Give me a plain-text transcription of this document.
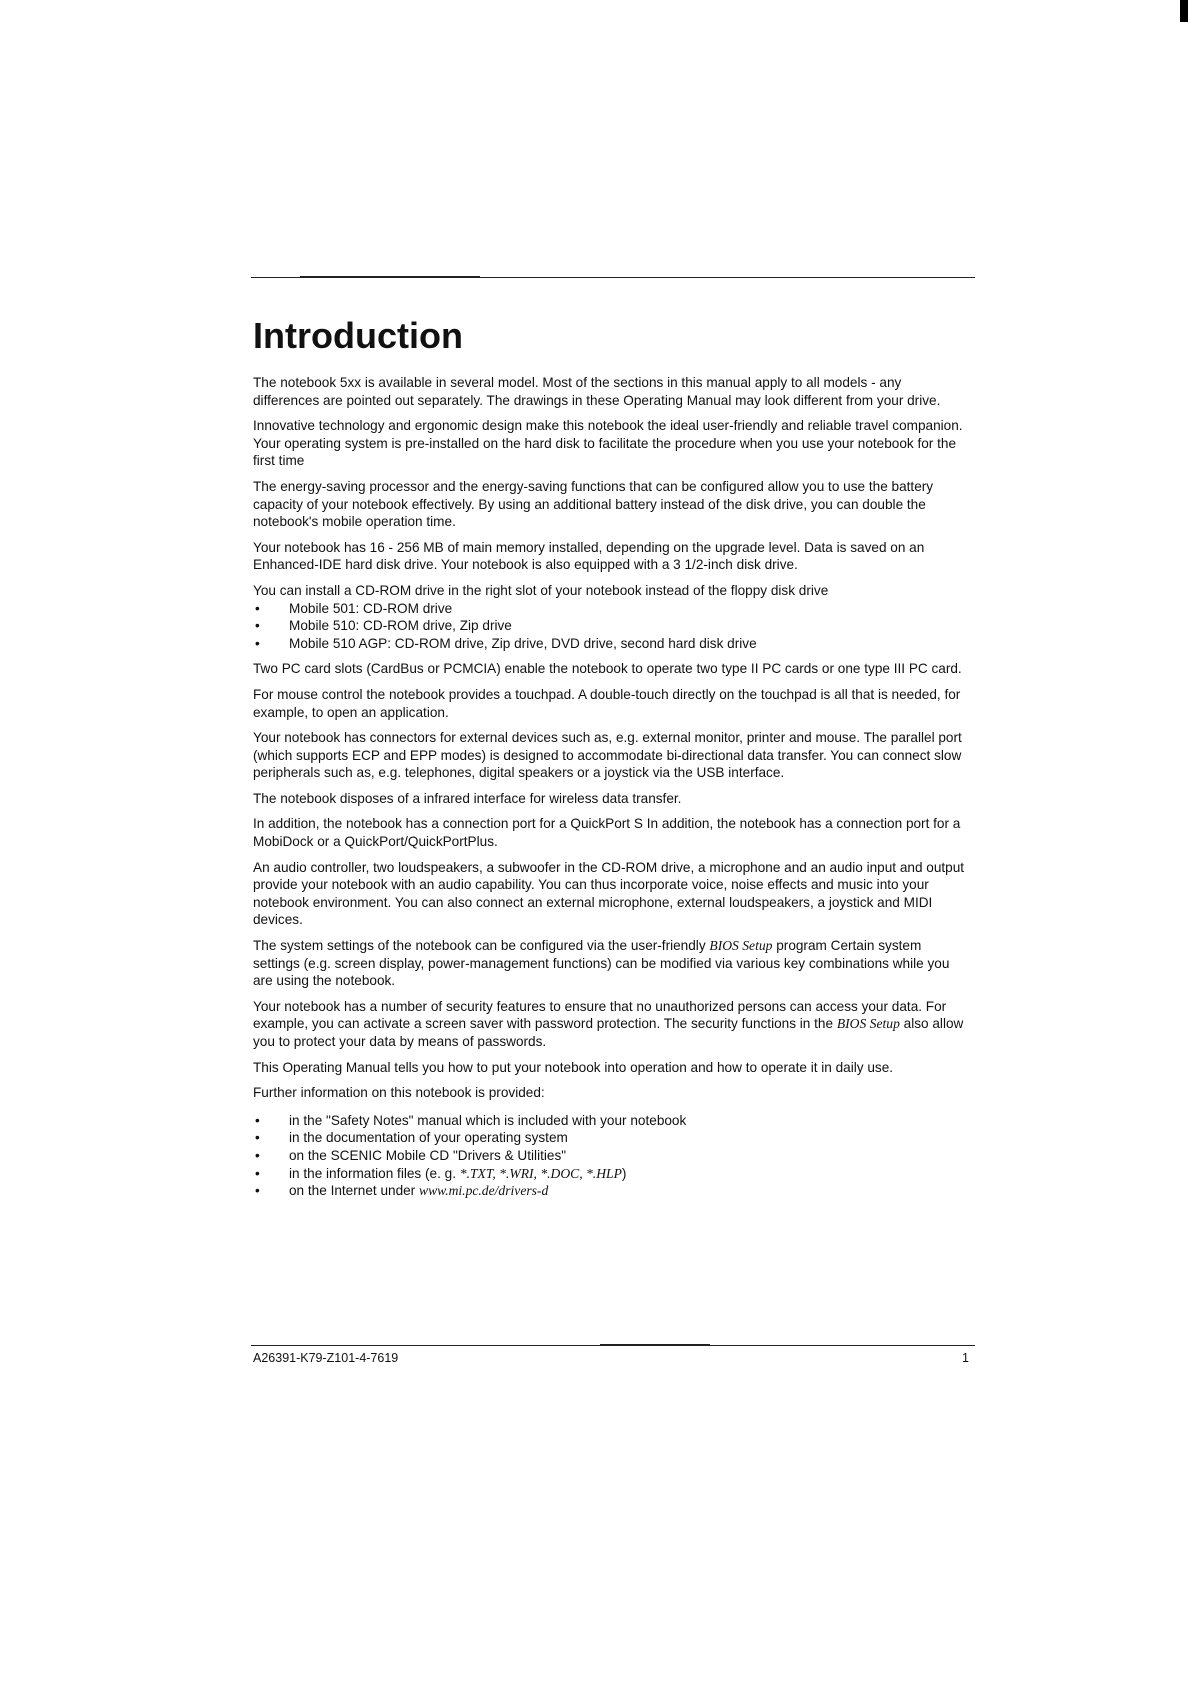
Introduction

The notebook 5xx is available in several model. Most of the sections in this manual apply to all models - any differences are pointed out separately. The drawings in these Operating Manual may look different from your drive.

Innovative technology and ergonomic design make this notebook the ideal user-friendly and reliable travel companion. Your operating system is pre-installed on the hard disk to facilitate the procedure when you use your notebook for the first time

The energy-saving processor and the energy-saving functions that can be configured allow you to use the battery capacity of your notebook effectively. By using an additional battery instead of the disk drive, you can double the notebook's mobile operation time.

Your notebook has 16 - 256 MB of main memory installed, depending on the upgrade level. Data is saved on an Enhanced-IDE hard disk drive. Your notebook is also equipped with a 3 1/2-inch disk drive.

You can install a CD-ROM drive in the right slot of your notebook instead of the floppy disk drive

• Mobile 501: CD-ROM drive
• Mobile 510: CD-ROM drive, Zip drive
• Mobile 510 AGP: CD-ROM drive, Zip drive, DVD drive, second hard disk drive

Two PC card slots (CardBus or PCMCIA) enable the notebook to operate two type II PC cards or one type III PC card.

For mouse control the notebook provides a touchpad. A double-touch directly on the touchpad is all that is needed, for example, to open an application.

Your notebook has connectors for external devices such as, e.g. external monitor, printer and mouse. The parallel port (which supports ECP and EPP modes) is designed to accommodate bi-directional data transfer. You can connect slow peripherals such as, e.g. telephones, digital speakers or a joystick via the USB interface.

The notebook disposes of a infrared interface for wireless data transfer.

In addition, the notebook has a connection port for a QuickPort S In addition, the notebook has a connection port for a MobiDock or a QuickPort/QuickPortPlus.

An audio controller, two loudspeakers, a subwoofer in the CD-ROM drive, a microphone and an audio input and output provide your notebook with an audio capability. You can thus incorporate voice, noise effects and music into your notebook environment. You can also connect an external microphone, external loudspeakers, a joystick and MIDI devices.

The system settings of the notebook can be configured via the user-friendly BIOS Setup program Certain system settings (e.g. screen display, power-management functions) can be modified via various key combinations while you are using the notebook.

Your notebook has a number of security features to ensure that no unauthorized persons can access your data. For example, you can activate a screen saver with password protection. The security functions in the BIOS Setup also allow you to protect your data by means of passwords.

This Operating Manual tells you how to put your notebook into operation and how to operate it in daily use.

Further information on this notebook is provided:

• in the "Safety Notes" manual which is included with your notebook
• in the documentation of your operating system
• on the SCENIC Mobile CD "Drivers & Utilities"
• in the information files (e. g. *.TXT, *.WRI, *.DOC, *.HLP)
• on the Internet under www.mi.pc.de/drivers-d
A26391-K79-Z101-4-7619	1
